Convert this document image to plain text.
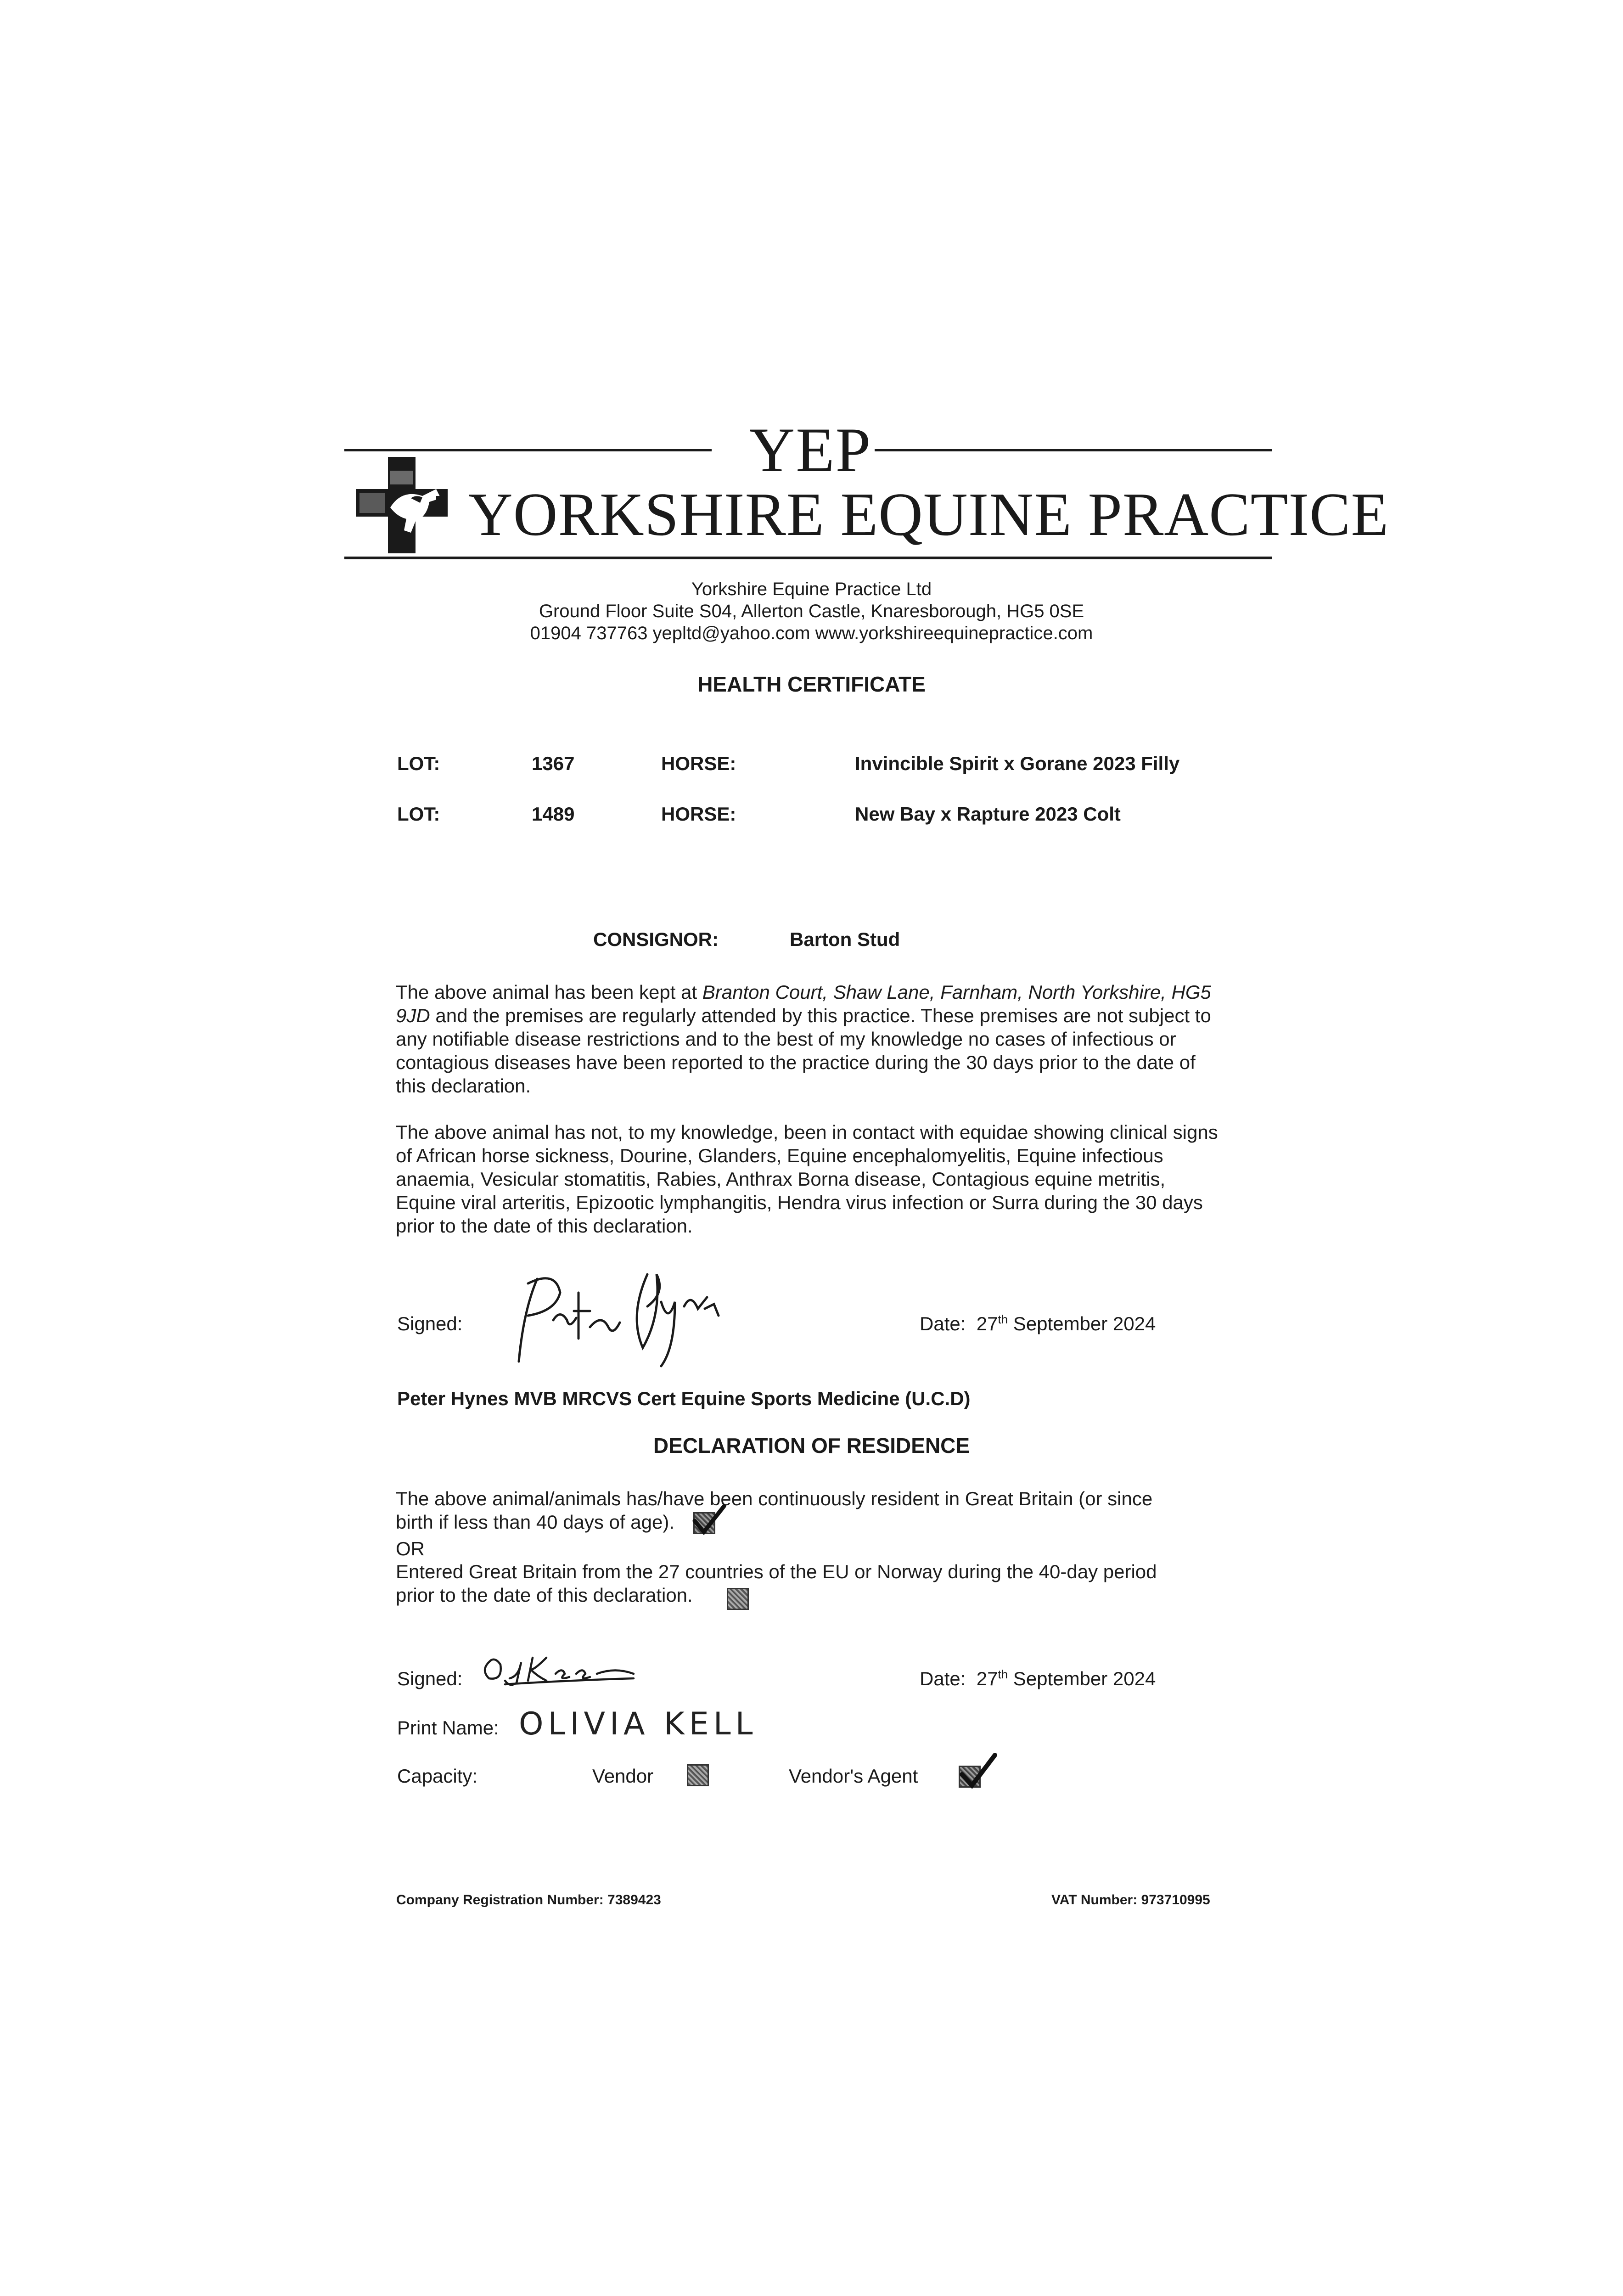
YEP
YORKSHIRE EQUINE PRACTICE
Yorkshire Equine Practice Ltd
Ground Floor Suite S04, Allerton Castle, Knaresborough, HG5 0SE
01904 737763 yepltd@yahoo.com www.yorkshireequinepractice.com
HEALTH CERTIFICATE
LOT:	1367	HORSE:	Invincible Spirit x Gorane 2023 Filly
LOT:	1489	HORSE:	New Bay x Rapture 2023 Colt
CONSIGNOR:	Barton Stud
The above animal has been kept at Branton Court, Shaw Lane, Farnham, North Yorkshire, HG5 9JD and the premises are regularly attended by this practice. These premises are not subject to any notifiable disease restrictions and to the best of my knowledge no cases of infectious or contagious diseases have been reported to the practice during the 30 days prior to the date of this declaration.
The above animal has not, to my knowledge, been in contact with equidae showing clinical signs of African horse sickness, Dourine, Glanders, Equine encephalomyelitis, Equine infectious anaemia, Vesicular stomatitis, Rabies, Anthrax Borna disease, Contagious equine metritis, Equine viral arteritis, Epizootic lymphangitis, Hendra virus infection or Surra during the 30 days prior to the date of this declaration.
Signed:	Date: 27th September 2024
Peter Hynes MVB MRCVS Cert Equine Sports Medicine (U.C.D)
DECLARATION OF RESIDENCE
The above animal/animals has/have been continuously resident in Great Britain (or since birth if less than 40 days of age).
OR
Entered Great Britain from the 27 countries of the EU or Norway during the 40-day period prior to the date of this declaration.
Signed:	Date: 27th September 2024
Print Name: OLIVIA KELL
Capacity:	Vendor	Vendor's Agent
Company Registration Number: 7389423	VAT Number: 973710995
